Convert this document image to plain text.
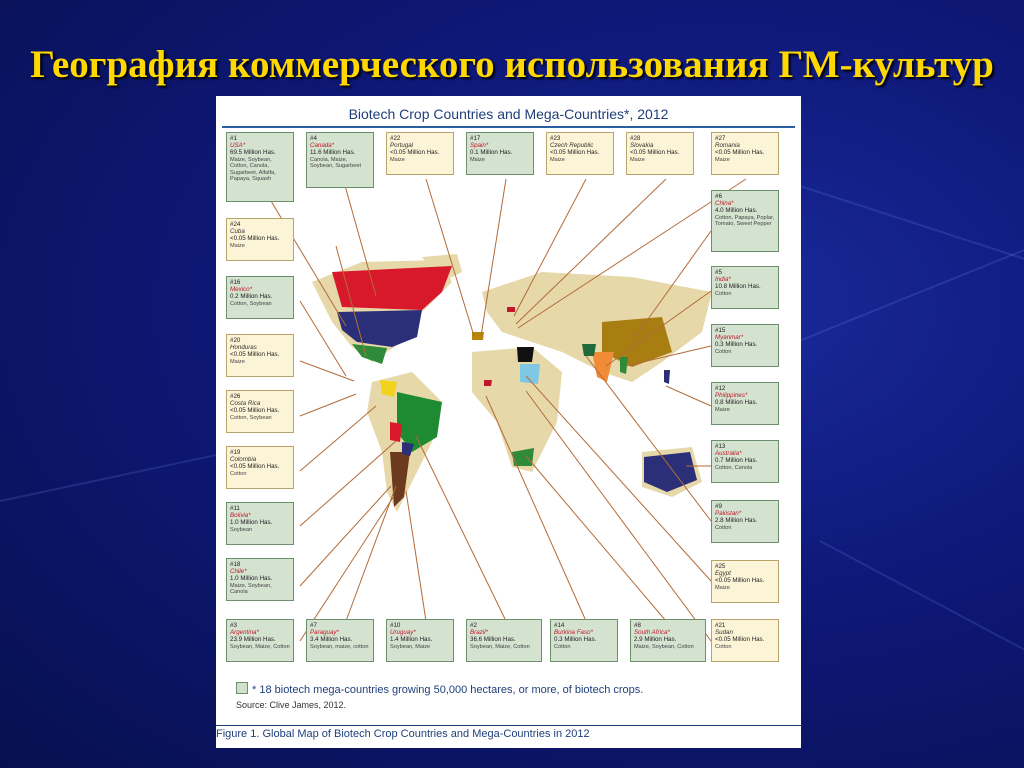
География коммерческого использования ГМ-культур
Biotech Crop Countries and Mega-Countries*, 2012
#1
USA*
69.5 Million Has.
Maize, Soybean, Cotton, Canola, Sugarbeet, Alfalfa, Papaya, Squash
#4
Canada*
11.6 Million Has.
Canola, Maize, Soybean, Sugarbeet
#22
Portugal
<0.05 Million Has.
Maize
#17
Spain*
0.1 Million Has.
Maize
#23
Czech Republic
<0.05 Million Has.
Maize
#28
Slovakia
<0.05 Million Has.
Maize
#27
Romania
<0.05 Million Has.
Maize
#24
Cuba
<0.05 Million Has.
Maize
#16
Mexico*
0.2 Million Has.
Cotton, Soybean
#20
Honduras
<0.05 Million Has.
Maize
#26
Costa Rica
<0.05 Million Has.
Cotton, Soybean
#19
Colombia
<0.05 Million Has.
Cotton
#11
Bolivia*
1.0 Million Has.
Soybean
#18
Chile*
1.0 Million Has.
Maize, Soybean, Canola
#6
China*
4.0 Million Has.
Cotton, Papaya, Poplar, Tomato, Sweet Pepper
#5
India*
10.8 Million Has.
Cotton
#15
Myanmar*
0.3 Million Has.
Cotton
#12
Philippines*
0.8 Million Has.
Maize
#13
Australia*
0.7 Million Has.
Cotton, Canola
#9
Pakistan*
2.8 Million Has.
Cotton
#25
Egypt
<0.05 Million Has.
Maize
#3
Argentina*
23.9 Million Has.
Soybean, Maize, Cotton
#7
Paraguay*
3.4 Million Has.
Soybean, maize, cotton
#10
Uruguay*
1.4 Million Has.
Soybean, Maize
#2
Brazil*
36.6 Million Has.
Soybean, Maize, Cotton
#14
Burkina Faso*
0.3 Million Has.
Cotton
#8
South Africa*
2.9 Million Has.
Maize, Soybean, Cotton
#21
Sudan
<0.05 Million Has.
Cotton
* 18 biotech mega-countries growing 50,000 hectares, or more, of biotech crops.
Source: Clive James, 2012.
Figure 1. Global Map of Biotech Crop Countries and Mega-Countries in 2012
